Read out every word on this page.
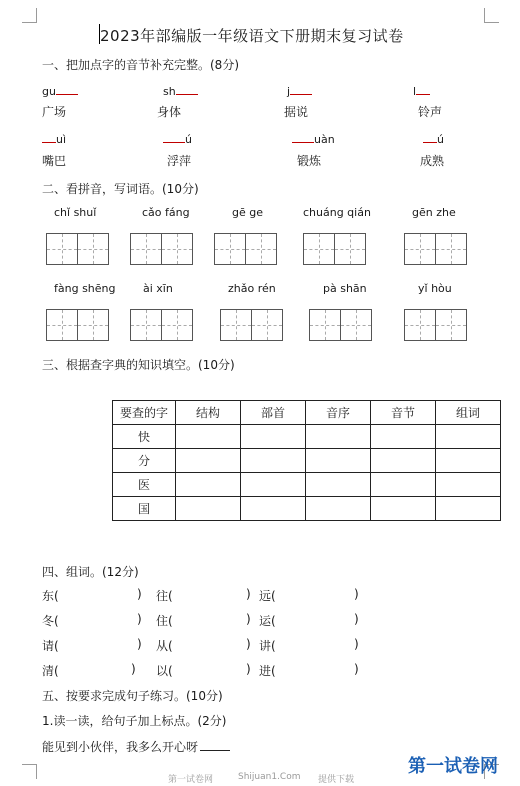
2023年部编版一年级语文下册期末复习试卷
一、把加点字的音节补充完整。(8分)
gu	sh	j	l
广场	身体	据说	铃声
uì	ú	uàn	ú
嘴巴	浮萍	锻炼	成熟
二、看拼音，写词语。(10分)
chǐ shuǐ	cǎo fáng	gē ge	chuáng qián	gēn zhe
fàng shēng	ài xīn	zhǎo rén	pà shān	yǐ hòu
三、根据查字典的知识填空。(10分)
要查的字	结构	部首	音序	音节	组词
快					
分					
医					
国					
四、组词。(12分)
东(	) 往(	) 远(	)
冬(	) 住(	) 运(	)
请(	) 从(	) 讲(	)
清(	) 以(	) 进(	)
五、按要求完成句子练习。(10分)
1.读一读，给句子加上标点。(2分)
能见到小伙伴，我多么开心呀
第一试卷网	Shijuan1.Com 提供下载
第一试卷网
